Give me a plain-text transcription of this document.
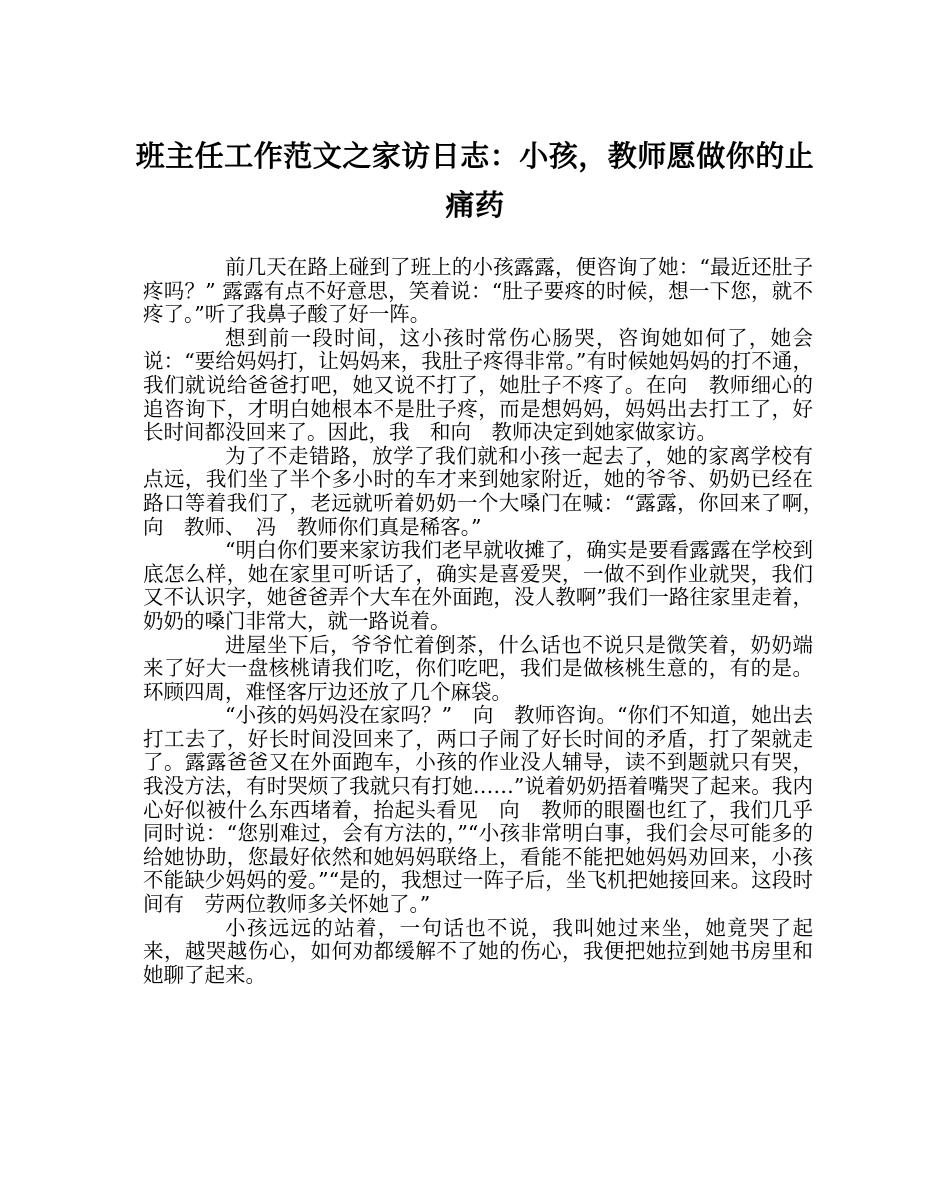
班主任工作范文之家访日志：小孩，教师愿做你的止痛药

前几天在路上碰到了班上的小孩露露，便咨询了她：“最近还肚子疼吗？” 露露有点不好意思，笑着说：“肚子要疼的时候，想一下您，就不疼了。”听了我鼻子酸了好一阵。

想到前一段时间，这小孩时常伤心肠哭，咨询她如何了，她会说：“要给妈妈打，让妈妈来，我肚子疼得非常。”有时候她妈妈的打不通，我们就说给爸爸打吧，她又说不打了，她肚子不疼了。在向　教师细心的追咨询下，才明白她根本不是肚子疼，而是想妈妈，妈妈出去打工了，好长时间都没回来了。因此，我　和向　教师决定到她家做家访。

为了不走错路，放学了我们就和小孩一起去了，她的家离学校有点远，我们坐了半个多小时的车才来到她家附近，她的爷爷、奶奶已经在路口等着我们了，老远就听着奶奶一个大嗓门在喊：“露露，你回来了啊，　向　教师、　冯　教师你们真是稀客。”

“明白你们要来家访我们老早就收摊了，确实是要看露露在学校到底怎么样，她在家里可听话了，确实是喜爱哭，一做不到作业就哭，我们又不认识字，她爸爸弄个大车在外面跑，没人教啊”我们一路往家里走着，奶奶的嗓门非常大，就一路说着。

进屋坐下后，爷爷忙着倒茶，什么话也不说只是微笑着，奶奶端来了好大一盘核桃请我们吃，你们吃吧，我们是做核桃生意的，有的是。环顾四周，难怪客厅边还放了几个麻袋。

“小孩的妈妈没在家吗？”　向　教师咨询。“你们不知道，她出去打工去了，好长时间没回来了，两口子闹了好长时间的矛盾，打了架就走了。露露爸爸又在外面跑车，小孩的作业没人辅导，读不到题就只有哭，我没方法，有时哭烦了我就只有打她……”说着奶奶捂着嘴哭了起来。我内心好似被什么东西堵着，抬起头看见　向　教师的眼圈也红了，我们几乎同时说：“您别难过，会有方法的，”“小孩非常明白事，我们会尽可能多的给她协助，您最好依然和她妈妈联络上，看能不能把她妈妈劝回来，小孩不能缺少妈妈的爱。”“是的，我想过一阵子后，坐飞机把她接回来。这段时间有　劳两位教师多关怀她了。”

小孩远远的站着，一句话也不说，我叫她过来坐，她竟哭了起来，越哭越伤心，如何劝都缓解不了她的伤心，我便把她拉到她书房里和她聊了起来。
